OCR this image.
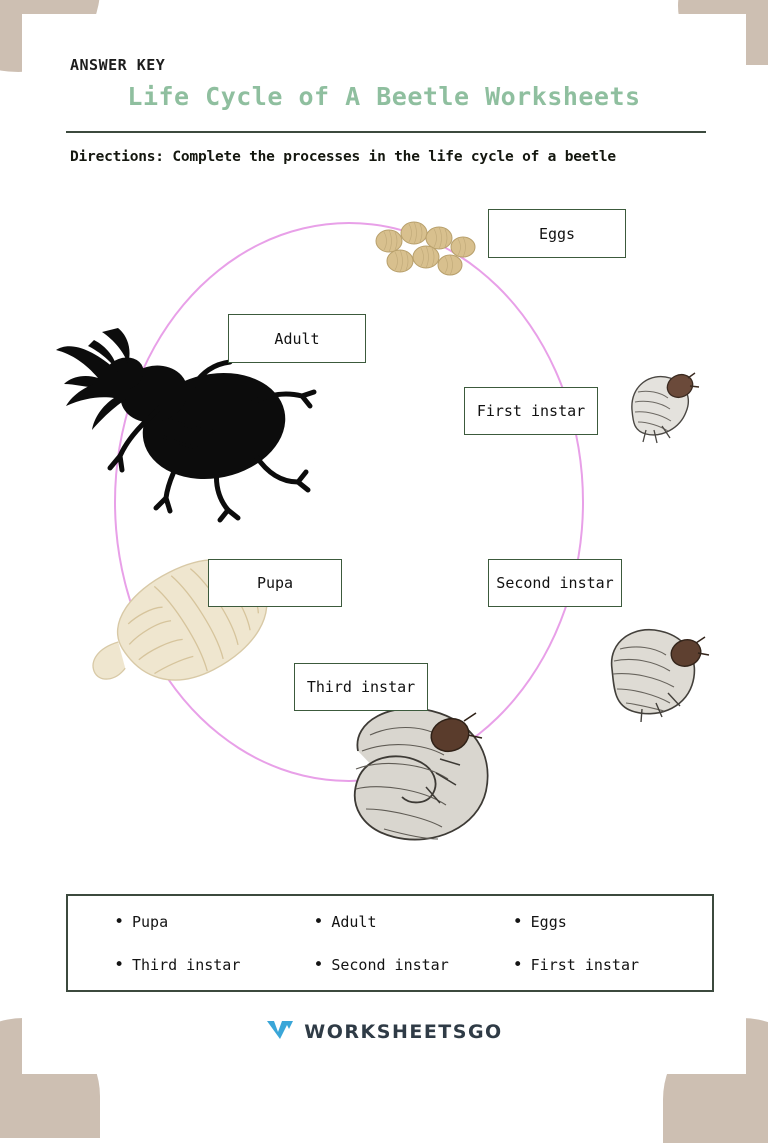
ANSWER KEY
Life Cycle of A Beetle Worksheets
Directions: Complete the processes in the life cycle of a beetle
Eggs
First instar
Second instar
Third instar
Pupa
Adult
• Pupa	• Adult	• Eggs
• Third instar	• Second instar	• First instar
WORKSHEETSGO
